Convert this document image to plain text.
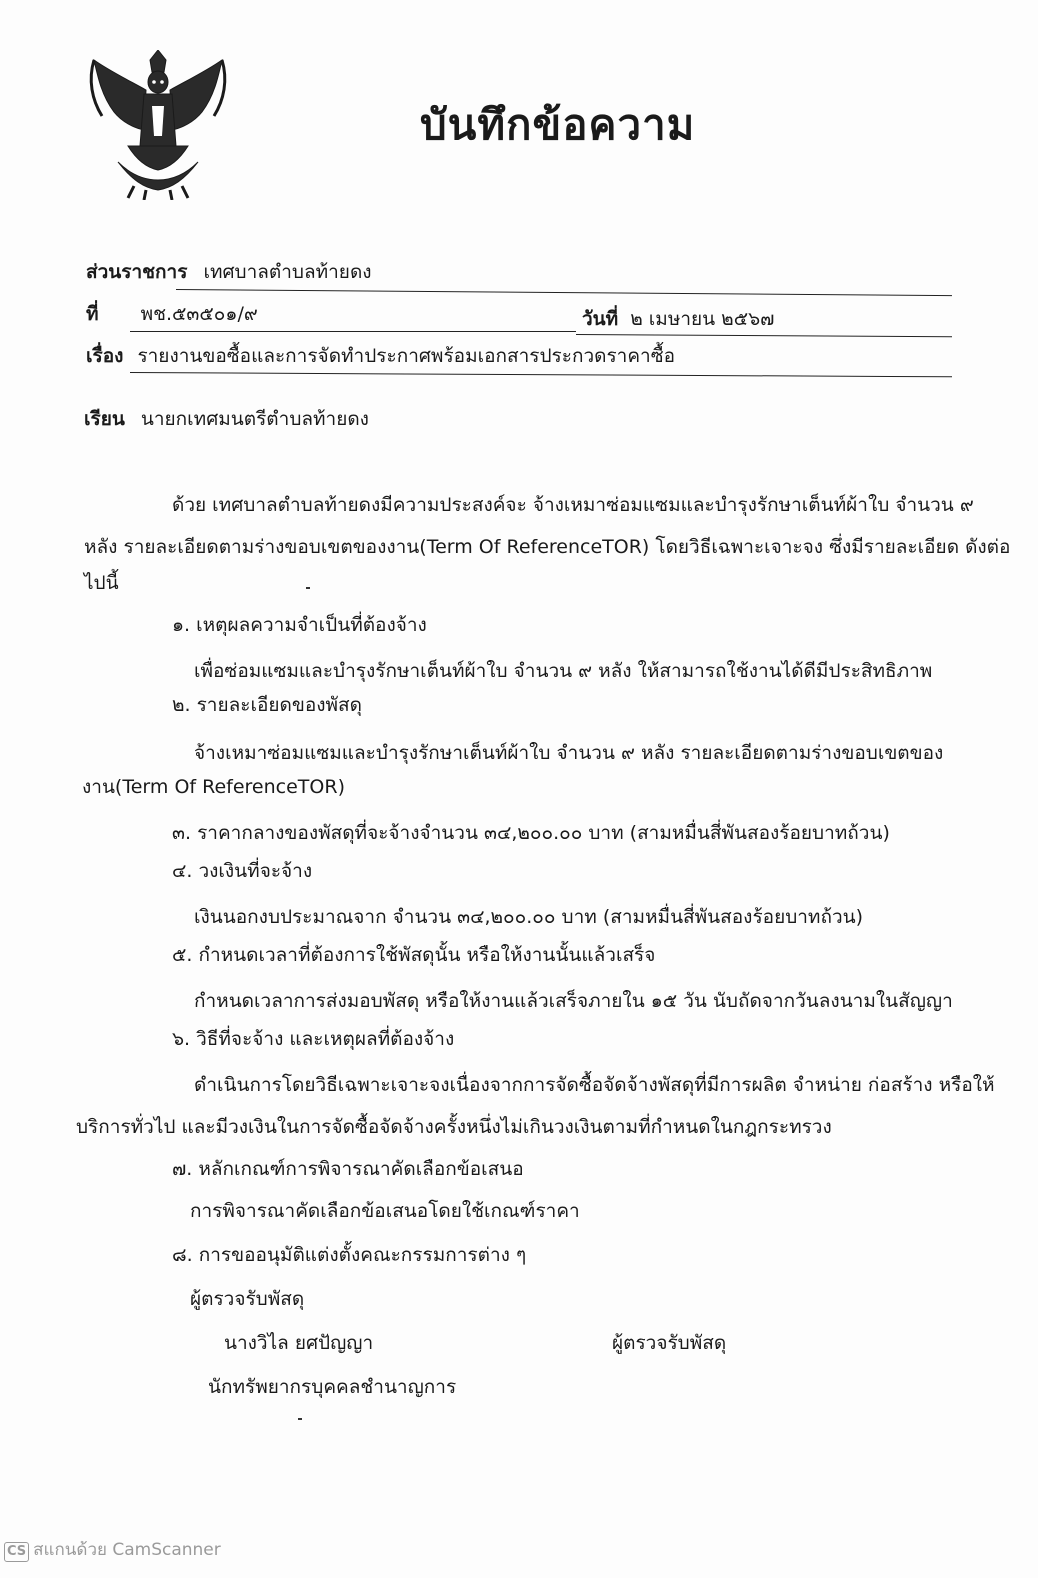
บันทึกข้อความ
ส่วนราชการ เทศบาลตำบลท้ายดง
ที่ พช.๕๓๕๐๑/๙	วันที่ ๒ เมษายน ๒๕๖๗
เรื่อง รายงานขอซื้อและการจัดทำประกาศพร้อมเอกสารประกวดราคาซื้อ
เรียน นายกเทศมนตรีตำบลท้ายดง
ด้วย เทศบาลตำบลท้ายดงมีความประสงค์จะ จ้างเหมาซ่อมแซมและบำรุงรักษาเต็นท์ผ้าใบ จำนวน ๙
หลัง รายละเอียดตามร่างขอบเขตของงาน(Term Of ReferenceTOR) โดยวิธีเฉพาะเจาะจง ซึ่งมีรายละเอียด ดังต่อ
ไปนี้
๑. เหตุผลความจำเป็นที่ต้องจ้าง
เพื่อซ่อมแซมและบำรุงรักษาเต็นท์ผ้าใบ จำนวน ๙ หลัง ให้สามารถใช้งานได้ดีมีประสิทธิภาพ
๒. รายละเอียดของพัสดุ
จ้างเหมาซ่อมแซมและบำรุงรักษาเต็นท์ผ้าใบ จำนวน ๙ หลัง รายละเอียดตามร่างขอบเขตของ
งาน(Term Of ReferenceTOR)
๓. ราคากลางของพัสดุที่จะจ้างจำนวน ๓๔,๒๐๐.๐๐ บาท (สามหมื่นสี่พันสองร้อยบาทถ้วน)
๔. วงเงินที่จะจ้าง
เงินนอกงบประมาณจาก จำนวน ๓๔,๒๐๐.๐๐ บาท (สามหมื่นสี่พันสองร้อยบาทถ้วน)
๕. กำหนดเวลาที่ต้องการใช้พัสดุนั้น หรือให้งานนั้นแล้วเสร็จ
กำหนดเวลาการส่งมอบพัสดุ หรือให้งานแล้วเสร็จภายใน ๑๕ วัน นับถัดจากวันลงนามในสัญญา
๖. วิธีที่จะจ้าง และเหตุผลที่ต้องจ้าง
ดำเนินการโดยวิธีเฉพาะเจาะจงเนื่องจากการจัดซื้อจัดจ้างพัสดุที่มีการผลิต จำหน่าย ก่อสร้าง หรือให้
บริการทั่วไป และมีวงเงินในการจัดซื้อจัดจ้างครั้งหนึ่งไม่เกินวงเงินตามที่กำหนดในกฎกระทรวง
๗. หลักเกณฑ์การพิจารณาคัดเลือกข้อเสนอ
การพิจารณาคัดเลือกข้อเสนอโดยใช้เกณฑ์ราคา
๘. การขออนุมัติแต่งตั้งคณะกรรมการต่าง ๆ
ผู้ตรวจรับพัสดุ
นางวิไล ยศปัญญา	ผู้ตรวจรับพัสดุ
นักทรัพยากรบุคคลชำนาญการ
CS สแกนด้วย CamScanner
